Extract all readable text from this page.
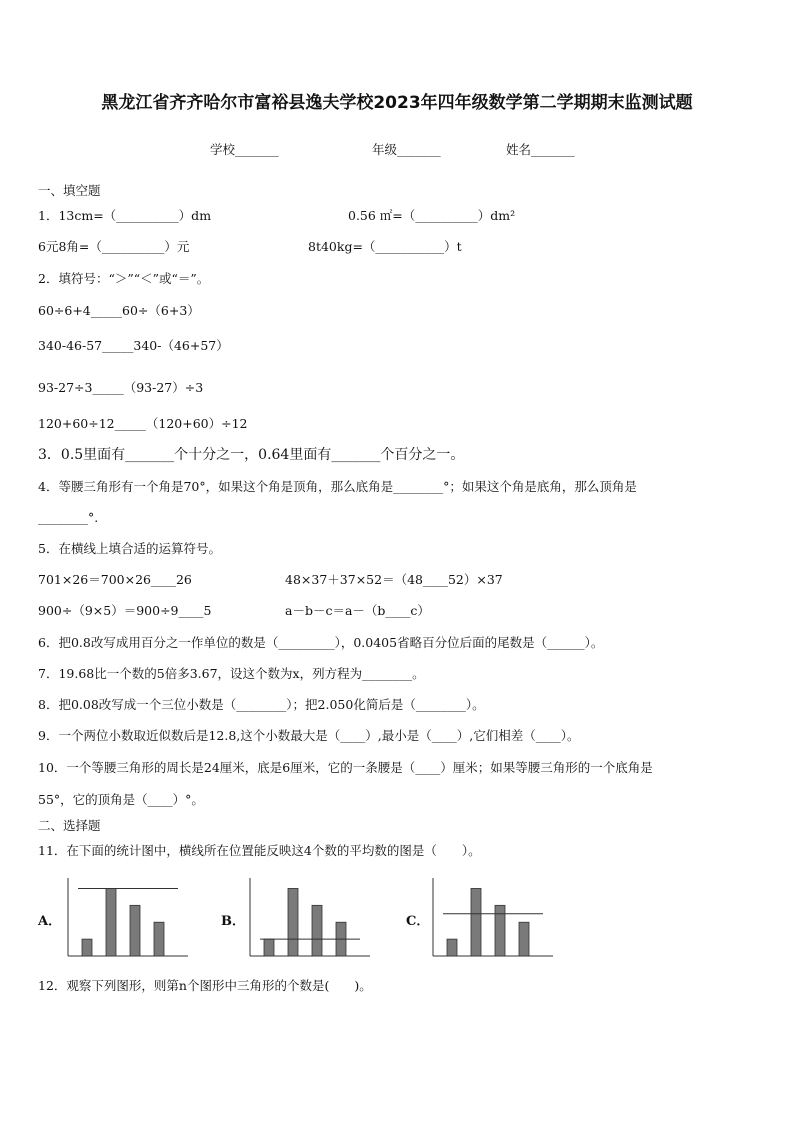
黑龙江省齐齐哈尔市富裕县逸夫学校2023年四年级数学第二学期期末监测试题
学校_______	年级_______	姓名_______
一、填空题
1．13cm=（__________）dm	0.56 ㎡=（__________）dm²
6元8角=（__________）元	8t40kg=（___________）t
2．填符号：“＞”“＜”或“＝”。
60÷6+4_____60÷（6+3）
340-46-57_____340-（46+57）
93-27÷3_____（93-27）÷3
120+60÷12_____（120+60）÷12
3．0.5里面有_______个十分之一，0.64里面有_______个百分之一。
4．等腰三角形有一个角是70°，如果这个角是顶角，那么底角是________°；如果这个角是底角，那么顶角是
________°.
5．在横线上填合适的运算符号。
701×26＝700×26____26	48×37＋37×52＝（48____52）×37
900÷（9×5）＝900÷9____5	a－b－c＝a－（b____c）
6．把0.8改写成用百分之一作单位的数是（_________），0.0405省略百分位后面的尾数是（______）。
7．19.68比一个数的5倍多3.67，设这个数为x，列方程为________。
8．把0.08改写成一个三位小数是（________）；把2.050化简后是（________）。
9．一个两位小数取近似数后是12.8,这个小数最大是（____）,最小是（____）,它们相差（____）。
10．一个等腰三角形的周长是24厘米，底是6厘米，它的一条腰是（____）厘米；如果等腰三角形的一个底角是
55°，它的顶角是（____）°。
二、选择题
11．在下面的统计图中，横线所在位置能反映这4个数的平均数的图是（　　）。
A．	B．	C．
12．观察下列图形，则第n个图形中三角形的个数是(　　)。
